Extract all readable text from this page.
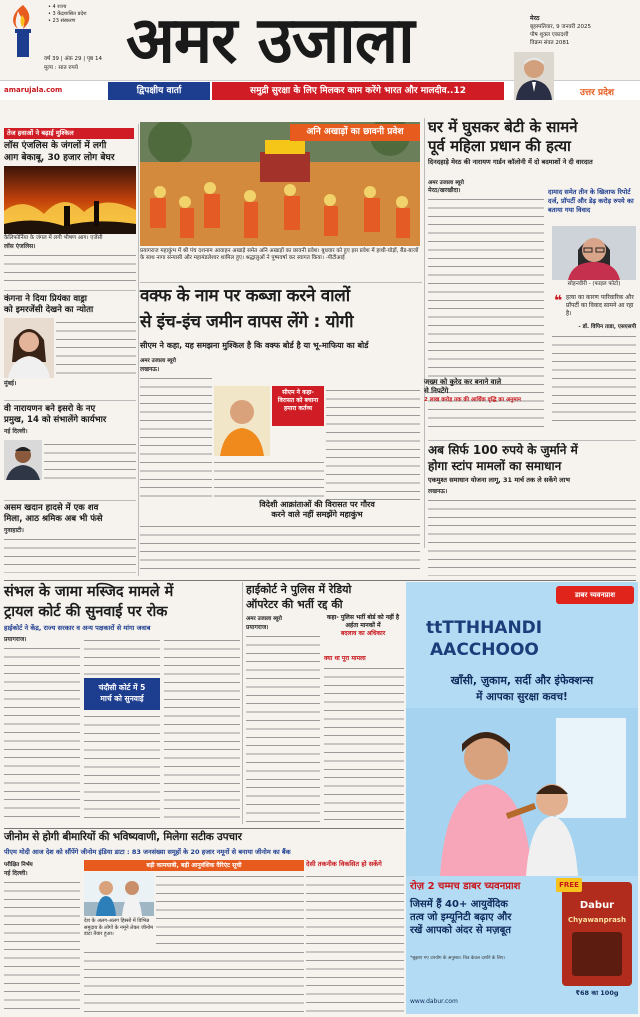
• 4 राज्य
• 3 केंद्रशासित प्रदेश
• 23 संस्करण
वर्ष 39 | अंक 29 | पृष्ठ 14
मूल्य : सात रुपये अमर उजाला	मेरठ
बृहस्पतिवार, 9 जनवरी 2025
पौष शुक्ल एकादशी
विक्रम संवत 2081
amarujala.com	द्विपक्षीय वार्ता	समुद्री सुरक्षा के लिए मिलकर काम करेंगे भारत और मालदीव..12	उत्तर प्रदेश
तेज हवाओं ने बढ़ाई मुश्किल
लॉस एंजलिस के जंगलों में लगी
आग बेकाबू, 30 हजार लोग बेघर
कैलिफोर्निया के जंगल में लगी भीषण आग। एजेंसी
लॉस एंजलिस।
कंगना ने दिया प्रियंका वाड्रा
को इमरजेंसी देखने का न्योता
मुंबई।
वी नारायणन बने इसरो के नए
प्रमुख, 14 को संभालेंगे कार्यभार
नई दिल्ली।
असम खदान हादसे में एक शव
मिला, आठ श्रमिक अब भी फंसे
गुवाहाटी।
अनि अखाड़ों का छावनी प्रवेश
प्रयागराज महाकुंभ में श्री पंच दशनाम आवाहन अखाड़े समेत अनि अखाड़ों का छावनी प्रवेश। बुधवार को हुए इस प्रवेश में हाथी-घोड़ों, बैंड-बाजों के साथ नागा संन्यासी और महामंडलेश्वर शामिल हुए। श्रद्धालुओं ने पुष्पवर्षा कर स्वागत किया। -पीटीआई
घर में घुसकर बेटी के सामने
पूर्व महिला प्रधान की हत्या
दिनदहाड़े मेरठ की नारायण गार्डन कॉलोनी में दो बदमाशों ने दी वारदात
अमर उजाला ब्यूरो
मेरठ/खरखौदा।	दामाद समेत तीन के खिलाफ रिपोर्ट दर्ज, प्रॉपर्टी और डेढ़ करोड़ रुपये का बताया गया विवाद
सोहनवीरी - (फाइल फोटो)
❝ हत्या का कारण पारिवारिक और प्रॉपर्टी का विवाद सामने आ रहा है।
- डॉ. विपिन ताडा, एसएसपी
वक्फ के नाम पर कब्जा करने वालों
से इंच-इंच जमीन वापस लेंगे : योगी
सीएम ने कहा, यह समझना मुश्किल है कि वक्फ बोर्ड है या भू-माफिया का बोर्ड
अमर उजाला ब्यूरो
लखनऊ।
सीएम ने कहा- विरासत को बचाना हमारा कर्तव्य
विदेशी आक्रांताओं की विरासत पर गौरव
करने वाले नहीं समझेंगे महाकुंभ
जख्म को कुरेद कर बनाने वाले
से निपटेंगे
2 लाख करोड़ तक की आर्थिक वृद्धि का अनुमान
अब सिर्फ 100 रुपये के जुर्माने में
होगा स्टांप मामलों का समाधान
एकमुश्त समाधान योजना लागू, 31 मार्च तक ले सकेंगे लाभ
लखनऊ।
संभल के जामा मस्जिद मामले में
ट्रायल कोर्ट की सुनवाई पर रोक
हाईकोर्ट ने केंद्र, राज्य सरकार व अन्य पक्षकारों से मांगा जवाब
प्रयागराज।
चंदौसी कोर्ट में 5
मार्च को सुनवाई
हाईकोर्ट ने पुलिस में रेडियो
ऑपरेटर की भर्ती रद्द की
कहा- पुलिस भर्ती बोर्ड को नहीं है अर्हता मानकों में
बदलाव का अधिकार
अमर उजाला ब्यूरो
प्रयागराज।
क्या था पूरा मामला
डाबर च्यवनप्राश
ttTTHHANDI
AACCHOOO
खाँसी, ज़ुकाम, सर्दी और इंफेक्शन्स
में आपका सुरक्षा कवच!
रोज़ 2 चम्मच डाबर च्यवनप्राश
जिसमें हैं 40+ आयुर्वेदिक
तत्व जो इम्यूनिटी बढ़ाए और
रखें आपको अंदर से मज़बूत
FREE
Dabur
Chyawanprash
₹68 का 100g
*सुझाए गए उपयोग के अनुसार। चित्र केवल दर्शाने के लिए।
www.dabur.com
जीनोम से होगी बीमारियों की भविष्यवाणी, मिलेगा सटीक उपचार
पीएम मोदी आज देश को सौंपेंगे जीनोम इंडिया डाटा : 83 जनसंख्या समूहों के 20 हजार नमूनों से बनाया जीनोम का बैंक
परीक्षित निर्भय
नई दिल्ली।
बड़ी कामयाबी, बढ़ी आनुवंशिक वैरिएंट सूची
देश के अलग-अलग हिस्सों में विभिन्न समुदाय के लोगों के नमूने लेकर जीनोम डाटा तैयार हुआ।
देसी तकनीक विकसित हो सकेंगे
